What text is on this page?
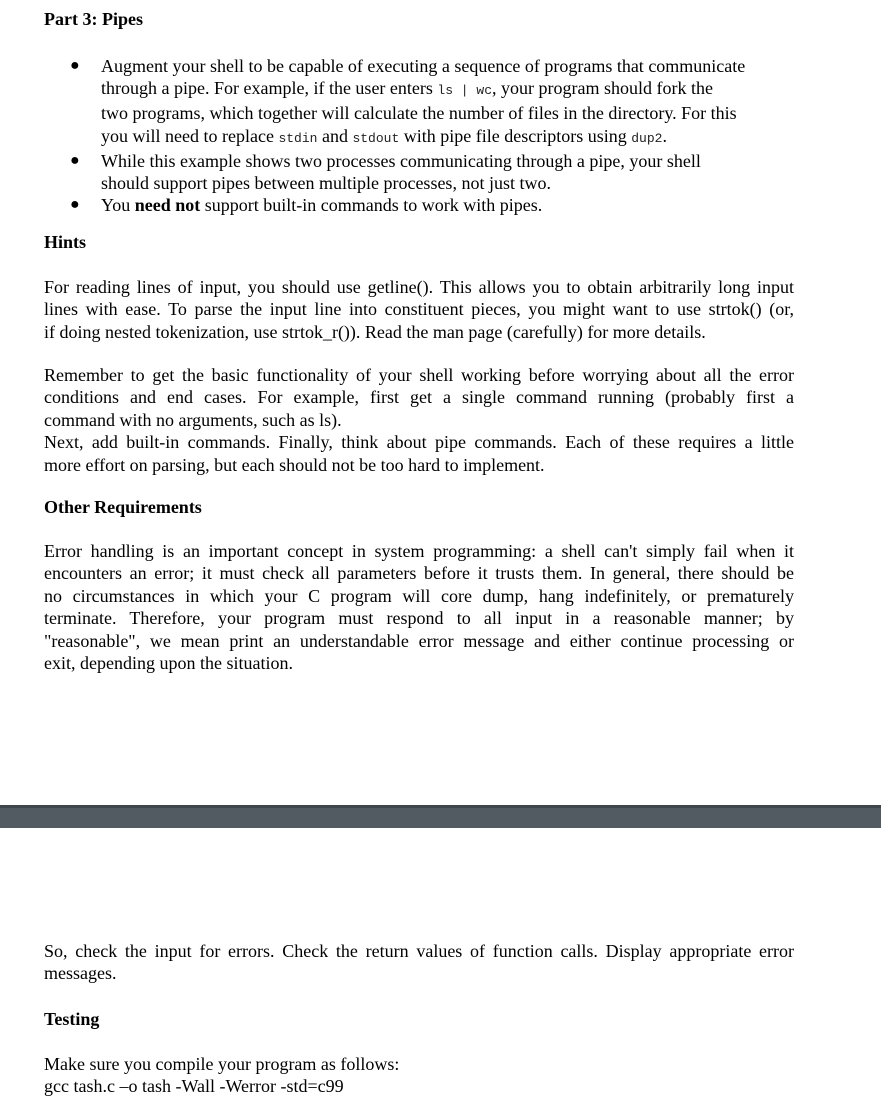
Part 3: Pipes
● Augment your shell to be capable of executing a sequence of programs that communicate
through a pipe. For example, if the user enters ls | wc, your program should fork the
two programs, which together will calculate the number of files in the directory. For this
you will need to replace stdin and stdout with pipe file descriptors using dup2.
● While this example shows two processes communicating through a pipe, your shell
should support pipes between multiple processes, not just two.
● You need not support built-in commands to work with pipes.
Hints
For reading lines of input, you should use getline(). This allows you to obtain arbitrarily long input
lines with ease. To parse the input line into constituent pieces, you might want to use strtok() (or,
if doing nested tokenization, use strtok_r()). Read the man page (carefully) for more details.
Remember to get the basic functionality of your shell working before worrying about all the error
conditions and end cases. For example, first get a single command running (probably first a
command with no arguments, such as ls).
Next, add built-in commands. Finally, think about pipe commands. Each of these requires a little
more effort on parsing, but each should not be too hard to implement.
Other Requirements
Error handling is an important concept in system programming: a shell can't simply fail when it
encounters an error; it must check all parameters before it trusts them. In general, there should be
no circumstances in which your C program will core dump, hang indefinitely, or prematurely
terminate. Therefore, your program must respond to all input in a reasonable manner; by
"reasonable", we mean print an understandable error message and either continue processing or
exit, depending upon the situation.
So, check the input for errors. Check the return values of function calls. Display appropriate error
messages.
Testing
Make sure you compile your program as follows:
gcc tash.c –o tash -Wall -Werror -std=c99
